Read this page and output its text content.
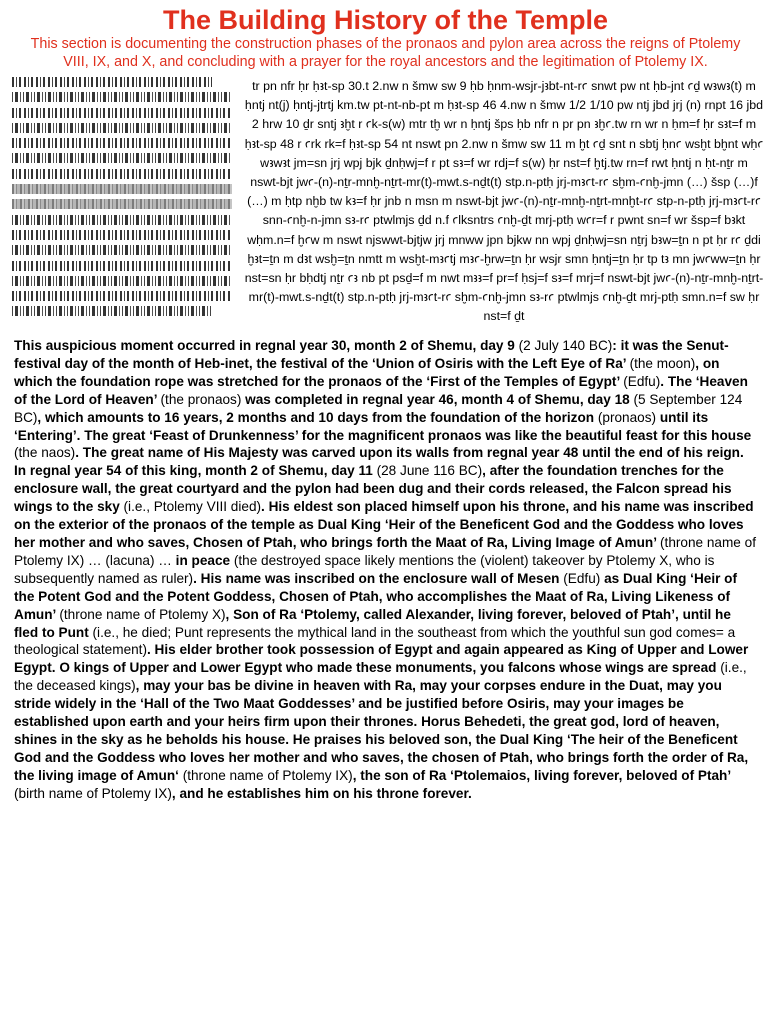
The Building History of the Temple
This section is documenting the construction phases of the pronaos and pylon area across the reigns of Ptolemy VIII, IX, and X, and concluding with a prayer for the royal ancestors and the legitimation of Ptolemy IX.
tr pn nfr ḥr ḥꜣt-sp 30.t 2.nw n šmw sw 9 ḥb ḥnm-wsjr-jꜣbt-nt-rꜥ snwt pw nt ḥb-jnt ꜥḏ wꜣwꜣ(t) m ḥntj nt(j) ḥntj-jtrtj km.tw pt-nt-nb-pt m ḥꜣt-sp 46 4.nw n šmw 1/2 1/10 pw ntj jbd jrj (n) rnpt 16 jbd 2 hrw 10 ḏr sntj ꜣḫt r ꜥk-s(w) mtr tḫ wr n ḥntj šps ḥb nfr n pr pn ꜣḫꜥ.tw rn wr n ḥm=f ḥr sꜣt=f m ḥꜣt-sp 48 r ꜥrk rk=f ḥꜣt-sp 54 nt nswt pn 2.nw n šmw sw 11 m ḫt ꜥḏ snt n sbtj ḥnꜥ wsḫt bḫnt wḥꜥ wꜣwꜣt jm=sn jrj wpj bjk ḏnḥwj=f r pt sꜣ=f wr rdj=f s(w) ḥr nst=f ḫtj.tw rn=f rwt ḥntj n ḥt-nṯr m nswt-bjt jwꜥ-(n)-nṯr-mnḫ-nṯrt-mr(t)-mwt.s-nḏt(t) stp.n-ptḥ jrj-mꜣꜥt-rꜥ sḫm-ꜥnḫ-jmn (…) šsp (…)f (…) m ḥtp nḫb tw kꜣ=f ḥr jnb n msn m nswt-bjt jwꜥ-(n)-nṯr-mnḫ-nṯrt-mnḫt-rꜥ stp-n-ptḥ jrj-mꜣꜥt-rꜥ snn-ꜥnḫ-n-jmn sꜣ-rꜥ ptwlmjs ḏd n.f ꜥlksntrs ꜥnḫ-ḏt mrj-ptḥ wꜥr=f r pwnt sn=f wr šsp=f bꜣkt wḥm.n=f ḫꜥw m nswt njswwt-bjtjw jrj mnww jpn bjkw nn wpj ḏnḥwj=sn nṯrj bꜣw=ṯn n pt ḥr rꜥ ḏdi ḫꜣt=ṯn m dꜣt wsḫ=ṯn nmtt m wsḫt-mꜣꜥtj mꜣꜥ-ḫrw=ṯn ḥr wsjr smn ḥntj=ṯn ḥr tp tꜣ mn jwꜥww=ṯn ḥr nst=sn ḥr bḥdtj nṯr ꜥꜣ nb pt psḏ=f m nwt mꜣꜣ=f pr=f ḥsj=f sꜣ=f mrj=f nswt-bjt jwꜥ-(n)-nṯr-mnḫ-nṯrt-mr(t)-mwt.s-nḏt(t) stp.n-ptḥ jrj-mꜣꜥt-rꜥ sḫm-ꜥnḫ-jmn sꜣ-rꜥ ptwlmjs ꜥnḫ-ḏt mrj-ptḥ smn.n=f sw ḥr nst=f ḏt
This auspicious moment occurred in regnal year 30, month 2 of Shemu, day 9 (2 July 140 BC): it was the Senut-festival day of the month of Heb-inet, the festival of the ‘Union of Osiris with the Left Eye of Ra’ (the moon), on which the foundation rope was stretched for the pronaos of the ‘First of the Temples of Egypt’ (Edfu). The ‘Heaven of the Lord of Heaven’ (the pronaos) was completed in regnal year 46, month 4 of Shemu, day 18 (5 September 124 BC), which amounts to 16 years, 2 months and 10 days from the foundation of the horizon (pronaos) until its ‘Entering’. The great ‘Feast of Drunkenness’ for the magnificent pronaos was like the beautiful feast for this house (the naos). The great name of His Majesty was carved upon its walls from regnal year 48 until the end of his reign. In regnal year 54 of this king, month 2 of Shemu, day 11 (28 June 116 BC), after the foundation trenches for the enclosure wall, the great courtyard and the pylon had been dug and their cords released, the Falcon spread his wings to the sky (i.e., Ptolemy VIII died). His eldest son placed himself upon his throne, and his name was inscribed on the exterior of the pronaos of the temple as Dual King ‘Heir of the Beneficent God and the Goddess who loves her mother and who saves, Chosen of Ptah, who brings forth the Maat of Ra, Living Image of Amun’ (throne name of Ptolemy IX) … (lacuna) … in peace (the destroyed space likely mentions the (violent) takeover by Ptolemy X, who is subsequently named as ruler). His name was inscribed on the enclosure wall of Mesen (Edfu) as Dual King ‘Heir of the Potent God and the Potent Goddess, Chosen of Ptah, who accomplishes the Maat of Ra, Living Likeness of Amun’ (throne name of Ptolemy X), Son of Ra ‘Ptolemy, called Alexander, living forever, beloved of Ptah’, until he fled to Punt (i.e., he died; Punt represents the mythical land in the southeast from which the youthful sun god comes= a theological statement). His elder brother took possession of Egypt and again appeared as King of Upper and Lower Egypt. O kings of Upper and Lower Egypt who made these monuments, you falcons whose wings are spread (i.e., the deceased kings), may your bas be divine in heaven with Ra, may your corpses endure in the Duat, may you stride widely in the ‘Hall of the Two Maat Goddesses’ and be justified before Osiris, may your images be established upon earth and your heirs firm upon their thrones. Horus Behedeti, the great god, lord of heaven, shines in the sky as he beholds his house. He praises his beloved son, the Dual King ‘The heir of the Beneficent God and the Goddess who loves her mother and who saves, the chosen of Ptah, who brings forth the order of Ra, the living image of Amun‘ (throne name of Ptolemy IX), the son of Ra ‘Ptolemaios, living forever, beloved of Ptah’ (birth name of Ptolemy IX), and he establishes him on his throne forever.
